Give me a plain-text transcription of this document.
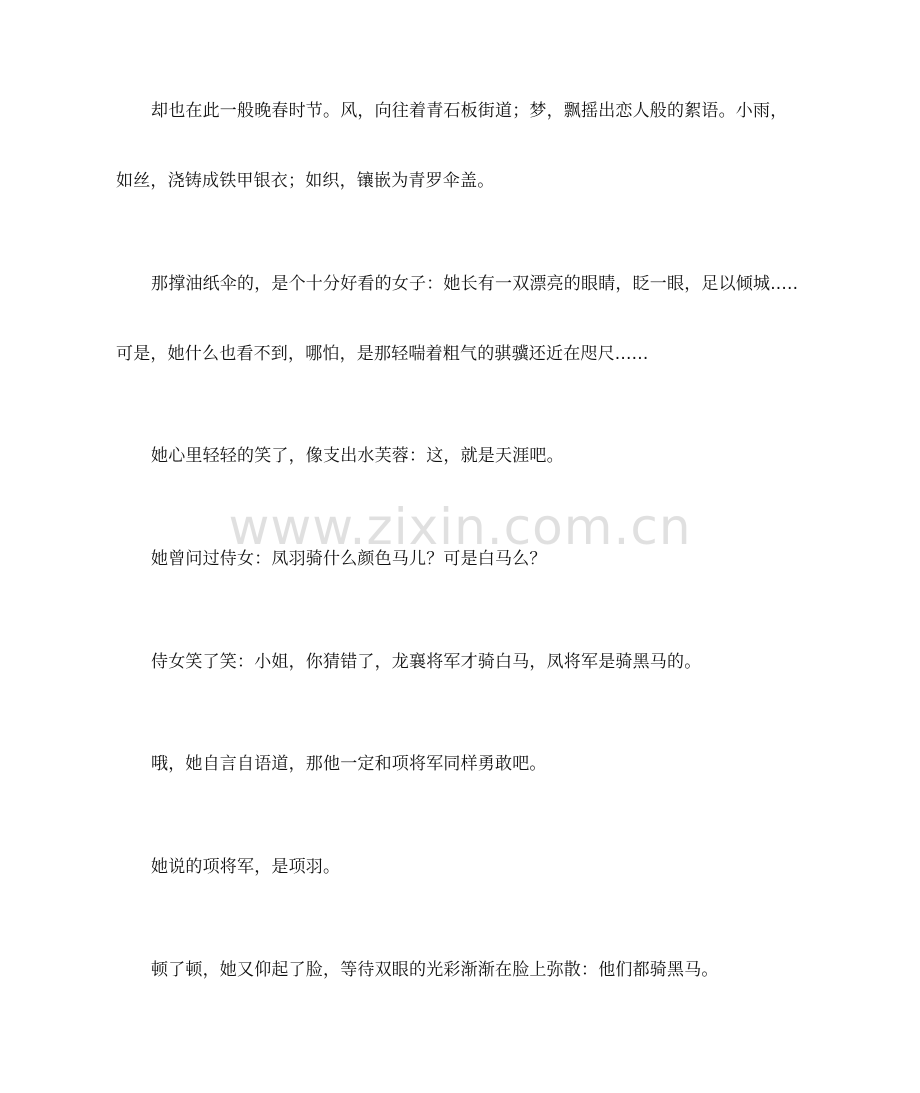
却也在此一般晚春时节。风，向往着青石板街道；梦，飘摇出恋人般的絮语。小雨，
如丝，浇铸成铁甲银衣；如织，镶嵌为青罗伞盖。
那撑油纸伞的，是个十分好看的女子：她长有一双漂亮的眼睛，眨一眼，足以倾城.....
可是，她什么也看不到，哪怕，是那轻喘着粗气的骐骥还近在咫尺......
她心里轻轻的笑了，像支出水芙蓉：这，就是天涯吧。
www.zixin.com.cn
她曾问过侍女：凤羽骑什么颜色马儿？可是白马么？
侍女笑了笑：小姐，你猜错了，龙襄将军才骑白马，凤将军是骑黑马的。
哦，她自言自语道，那他一定和项将军同样勇敢吧。
她说的项将军，是项羽。
顿了顿，她又仰起了脸，等待双眼的光彩渐渐在脸上弥散：他们都骑黑马。
